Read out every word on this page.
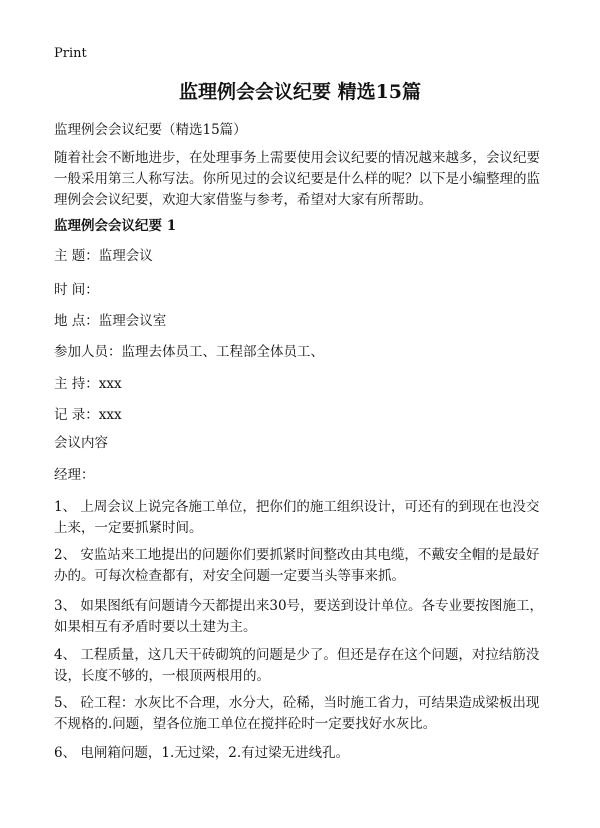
Print
监理例会会议纪要 精选15篇

监理例会会议纪要（精选15篇）

随着社会不断地进步，在处理事务上需要使用会议纪要的情况越来越多，会议纪要一般采用第三人称写法。你所见过的会议纪要是什么样的呢？以下是小编整理的监理例会会议纪要，欢迎大家借鉴与参考，希望对大家有所帮助。

监理例会会议纪要 1

主 题：监理会议

时 间：

地 点：监理会议室

参加人员：监理去体员工、工程部全体员工、

主 持：xxx

记 录：xxx

会议内容

经理：

1、 上周会议上说完各施工单位，把你们的施工组织设计，可还有的到现在也没交上来，一定要抓紧时间。

2、 安监站来工地提出的问题你们要抓紧时间整改由其电缆，不戴安全帽的是最好办的。可每次检查都有，对安全问题一定要当头等事来抓。

3、 如果图纸有问题请今天都提出来30号，要送到设计单位。各专业要按图施工，如果相互有矛盾时要以土建为主。

4、 工程质量，这几天干砖砌筑的问题是少了。但还是存在这个问题，对拉结筋没设，长度不够的，一根顶两根用的。

5、 砼工程：水灰比不合理，水分大，砼稀，当时施工省力，可结果造成梁板出现不规格的.问题，望各位施工单位在搅拌砼时一定要找好水灰比。

6、 电闸箱问题，1.无过梁，2.有过梁无进线孔。
